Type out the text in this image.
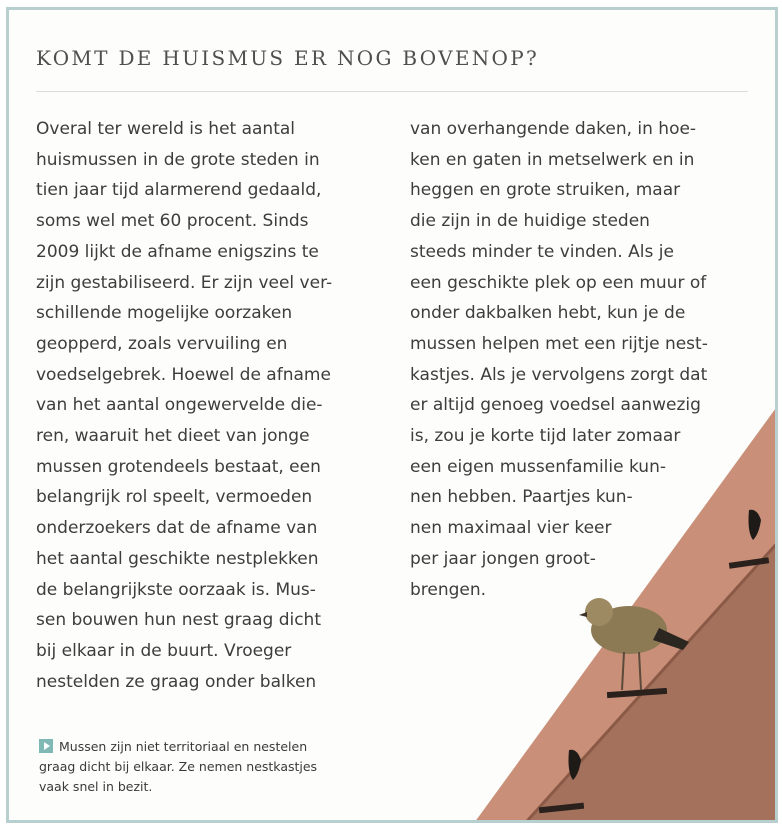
KOMT DE HUISMUS ER NOG BOVENOP?
Overal ter wereld is het aantal
huismussen in de grote steden in
tien jaar tijd alarmerend gedaald,
soms wel met 60 procent. Sinds
2009 lijkt de afname enigszins te
zijn gestabiliseerd. Er zijn veel ver-
schillende mogelijke oorzaken
geopperd, zoals vervuiling en
voedselgebrek. Hoewel de afname
van het aantal ongewervelde die-
ren, waaruit het dieet van jonge
mussen grotendeels bestaat, een
belangrijk rol speelt, vermoeden
onderzoekers dat de afname van
het aantal geschikte nestplekken
de belangrijkste oorzaak is. Mus-
sen bouwen hun nest graag dicht
bij elkaar in de buurt. Vroeger
nestelden ze graag onder balken
van overhangende daken, in hoe-
ken en gaten in metselwerk en in
heggen en grote struiken, maar
die zijn in de huidige steden
steeds minder te vinden. Als je
een geschikte plek op een muur of
onder dakbalken hebt, kun je de
mussen helpen met een rijtje nest-
kastjes. Als je vervolgens zorgt dat
er altijd genoeg voedsel aanwezig
is, zou je korte tijd later zomaar
een eigen mussenfamilie kun-
nen hebben. Paartjes kun-
nen maximaal vier keer
per jaar jongen groot-
brengen.
Mussen zijn niet territoriaal en nestelen
graag dicht bij elkaar. Ze nemen nestkastjes
vaak snel in bezit.
